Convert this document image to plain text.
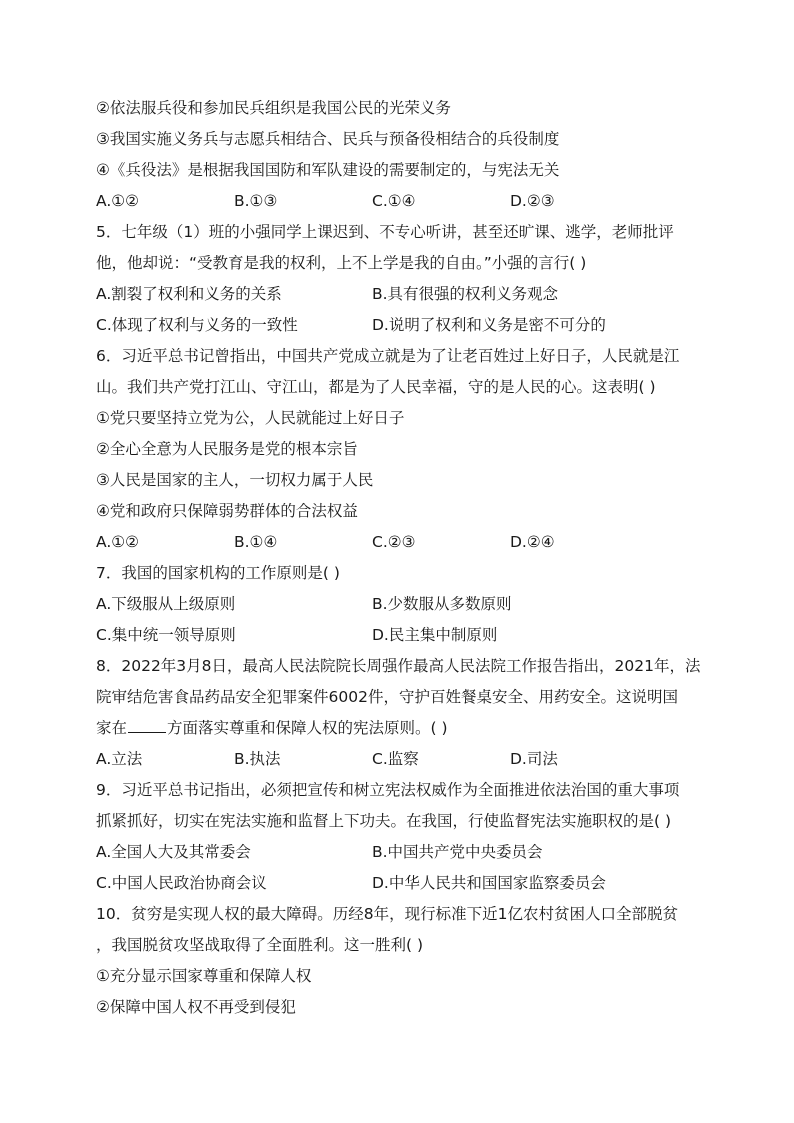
②依法服兵役和参加民兵组织是我国公民的光荣义务
③我国实施义务兵与志愿兵相结合、民兵与预备役相结合的兵役制度
④《兵役法》是根据我国国防和军队建设的需要制定的，与宪法无关
A.①②	B.①③	C.①④	D.②③
5．七年级（1）班的小强同学上课迟到、不专心听讲，甚至还旷课、逃学，老师批评
他，他却说：“受教育是我的权利，上不上学是我的自由。”小强的言行( )
A.割裂了权利和义务的关系	B.具有很强的权利义务观念
C.体现了权利与义务的一致性	D.说明了权利和义务是密不可分的
6．习近平总书记曾指出，中国共产党成立就是为了让老百姓过上好日子，人民就是江
山。我们共产党打江山、守江山，都是为了人民幸福，守的是人民的心。这表明( )
①党只要坚持立党为公，人民就能过上好日子
②全心全意为人民服务是党的根本宗旨
③人民是国家的主人，一切权力属于人民
④党和政府只保障弱势群体的合法权益
A.①②	B.①④	C.②③	D.②④
7．我国的国家机构的工作原则是( )
A.下级服从上级原则	B.少数服从多数原则
C.集中统一领导原则	D.民主集中制原则
8．2022年3月8日，最高人民法院院长周强作最高人民法院工作报告指出，2021年，法
院审结危害食品药品安全犯罪案件6002件，守护百姓餐桌安全、用药安全。这说明国
家在	方面落实尊重和保障人权的宪法原则。( )
A.立法	B.执法	C.监察	D.司法
9．习近平总书记指出，必须把宣传和树立宪法权威作为全面推进依法治国的重大事项
抓紧抓好，切实在宪法实施和监督上下功夫。在我国，行使监督宪法实施职权的是( )
A.全国人大及其常委会	B.中国共产党中央委员会
C.中国人民政治协商会议	D.中华人民共和国国家监察委员会
10．贫穷是实现人权的最大障碍。历经8年，现行标准下近1亿农村贫困人口全部脱贫
，我国脱贫攻坚战取得了全面胜利。这一胜利( )
①充分显示国家尊重和保障人权
②保障中国人权不再受到侵犯
